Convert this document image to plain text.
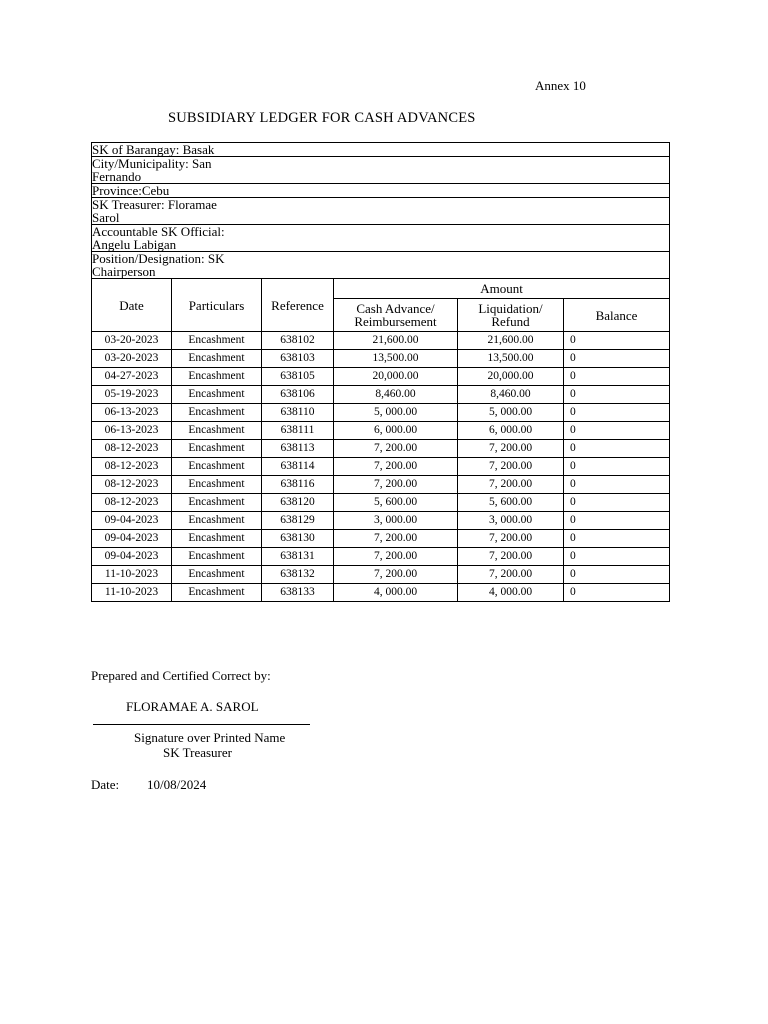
Annex 10
SUBSIDIARY LEDGER FOR CASH ADVANCES
SK of Barangay: Basak					
City/Municipality: San Fernando					
Province:Cebu					
SK Treasurer: Floramae Sarol					
Accountable SK Official: Angelu Labigan					
Position/Designation: SK Chairperson					
Date	Particulars	Reference	Amount		
			Cash Advance/ Reimbursement	Liquidation/ Refund	Balance
03-20-2023	Encashment	638102	21,600.00	21,600.00	0
03-20-2023	Encashment	638103	13,500.00	13,500.00	0
04-27-2023	Encashment	638105	20,000.00	20,000.00	0
05-19-2023	Encashment	638106	8,460.00	8,460.00	0
06-13-2023	Encashment	638110	5, 000.00	5, 000.00	0
06-13-2023	Encashment	638111	6, 000.00	6, 000.00	0
08-12-2023	Encashment	638113	7, 200.00	7, 200.00	0
08-12-2023	Encashment	638114	7, 200.00	7, 200.00	0
08-12-2023	Encashment	638116	7, 200.00	7, 200.00	0
08-12-2023	Encashment	638120	5, 600.00	5, 600.00	0
09-04-2023	Encashment	638129	3, 000.00	3, 000.00	0
09-04-2023	Encashment	638130	7, 200.00	7, 200.00	0
09-04-2023	Encashment	638131	7, 200.00	7, 200.00	0
11-10-2023	Encashment	638132	7, 200.00	7, 200.00	0
11-10-2023	Encashment	638133	4, 000.00	4, 000.00	0
Prepared and Certified Correct by:
FLORAMAE A. SAROL
Signature over Printed Name
SK Treasurer
Date: 10/08/2024
